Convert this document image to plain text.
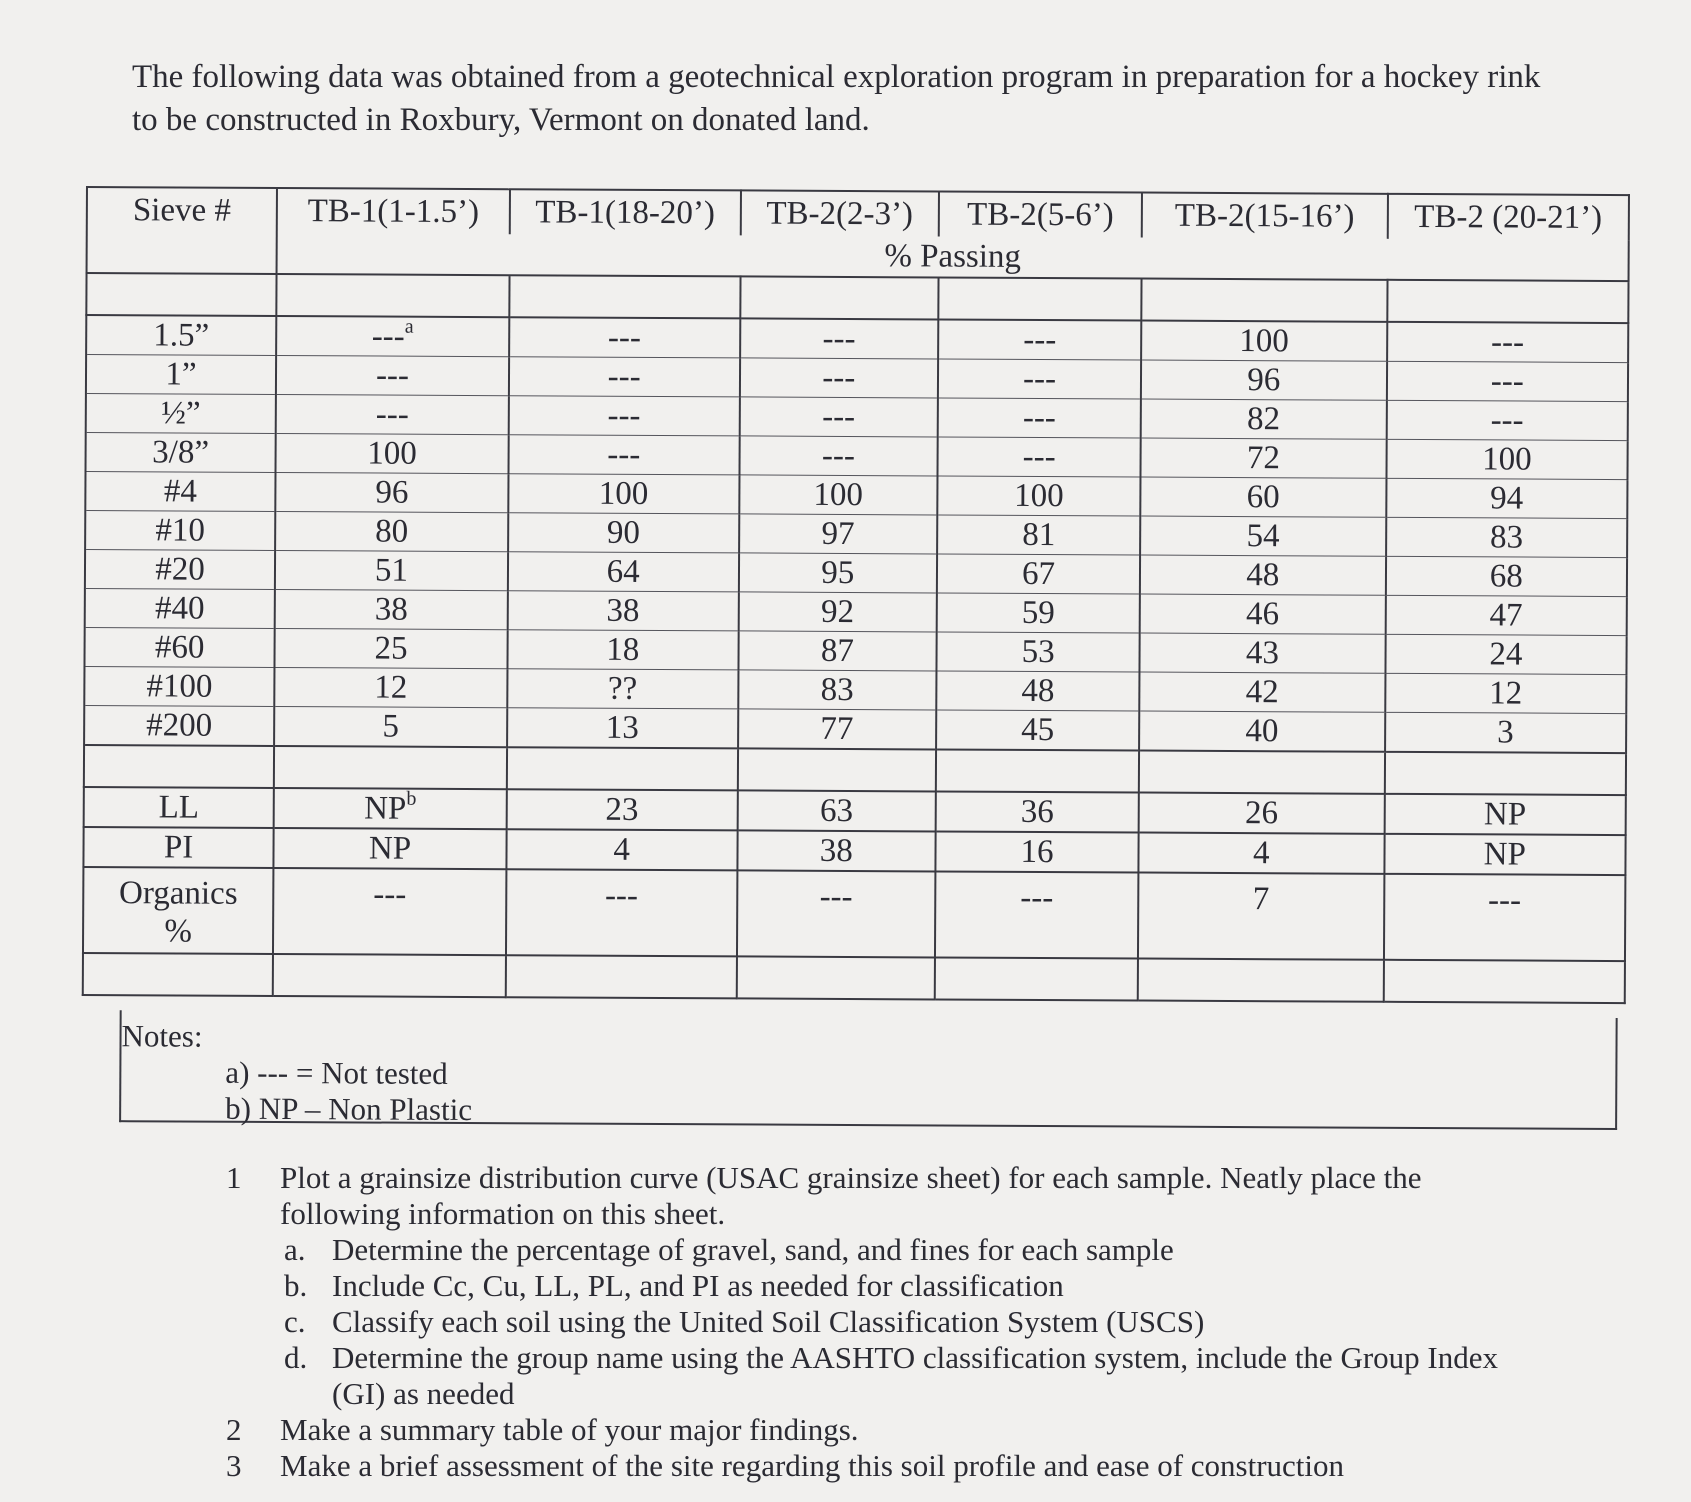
The following data was obtained from a geotechnical exploration program in preparation for a hockey rink to be constructed in Roxbury, Vermont on donated land.
Sieve #	TB-1(1-1.5’)	TB-1(18-20’)	TB-2(2-3’)	TB-2(5-6’)	TB-2(15-16’)	TB-2 (20-21’)
	% Passing					

1.5”	---$^a$	---	---	---	100	---
1”	---	---	---	---	96	---
½”	---	---	---	---	82	---
3/8”	100	---	---	---	72	100
#4	96	100	100	100	60	94
#10	80	90	97	81	54	83
#20	51	64	95	67	48	68
#40	38	38	92	59	46	47
#60	25	18	87	53	43	24
#100	12	??	83	48	42	12
#200	5	13	77	45	40	3

LL	$NP^b$	23	63	36	26	NP
PI	NP	4	38	16	4	NP
Organics
%	---	---	---	---	7	---

Notes:
a) --- = Not tested
b) NP – Non Plastic
1 Plot a grainsize distribution curve (USAC grainsize sheet) for each sample. Neatly place the following information on this sheet.
a. Determine the percentage of gravel, sand, and fines for each sample
b. Include Cc, Cu, LL, PL, and PI as needed for classification
c. Classify each soil using the United Soil Classification System (USCS)
d. Determine the group name using the AASHTO classification system, include the Group Index (GI) as needed
2 Make a summary table of your major findings.
3 Make a brief assessment of the site regarding this soil profile and ease of construction
